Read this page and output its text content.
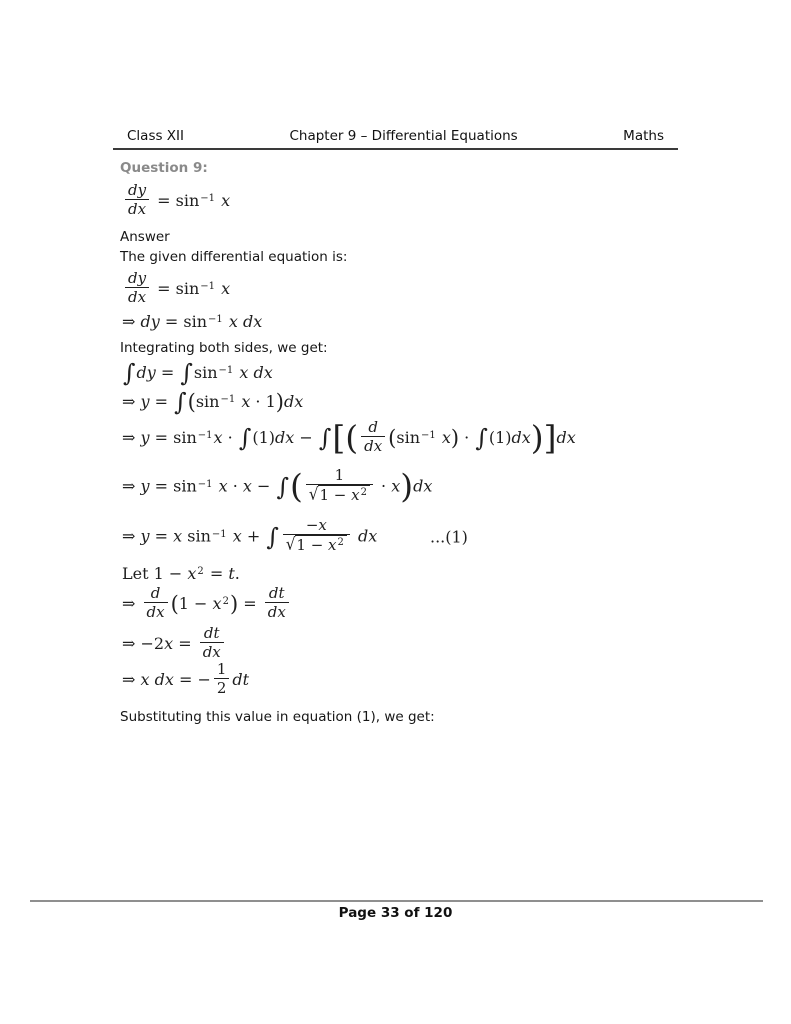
Class XII	Chapter 9 – Differential Equations	Maths
Question 9:
$\frac{dy}{dx} = \sin^{-1} x$
Answer
The given differential equation is:
$\frac{dy}{dx} = \sin^{-1} x$
⇒ dy = $\sin^{-1} x$ dx
Integrating both sides, we get:
$\int dy = \int\sin^{-1}$ x dx
⇒ $y = \int(\sin^{-1}$ x · 1)dx
⇒ $y = \sin^{-1}x \cdot \int(1)dx$ − ∫[( $\frac{d}{dx} (\sin^{-1}$ x) · ∫(1)dx)]dx
⇒ $y = \sin^{-1} x \cdot x$ − ∫( $\frac{1}{√1 - x^2} \cdot x)dx$
...(1)
⇒ y = x $\sin^{-1} x$ + ∫ $\frac{-x}{√1 - x^2}$ dx
Let $1 - x^2 = t$.
⇒ $\frac{d}{dx} (1 - x^2) = \frac{dt}{dx}$
⇒ $-2x = \frac{dt}{dx}$
⇒ x dx = − $\frac{1}{2}$ dt
Substituting this value in equation (1), we get:
Page 33 of 120
